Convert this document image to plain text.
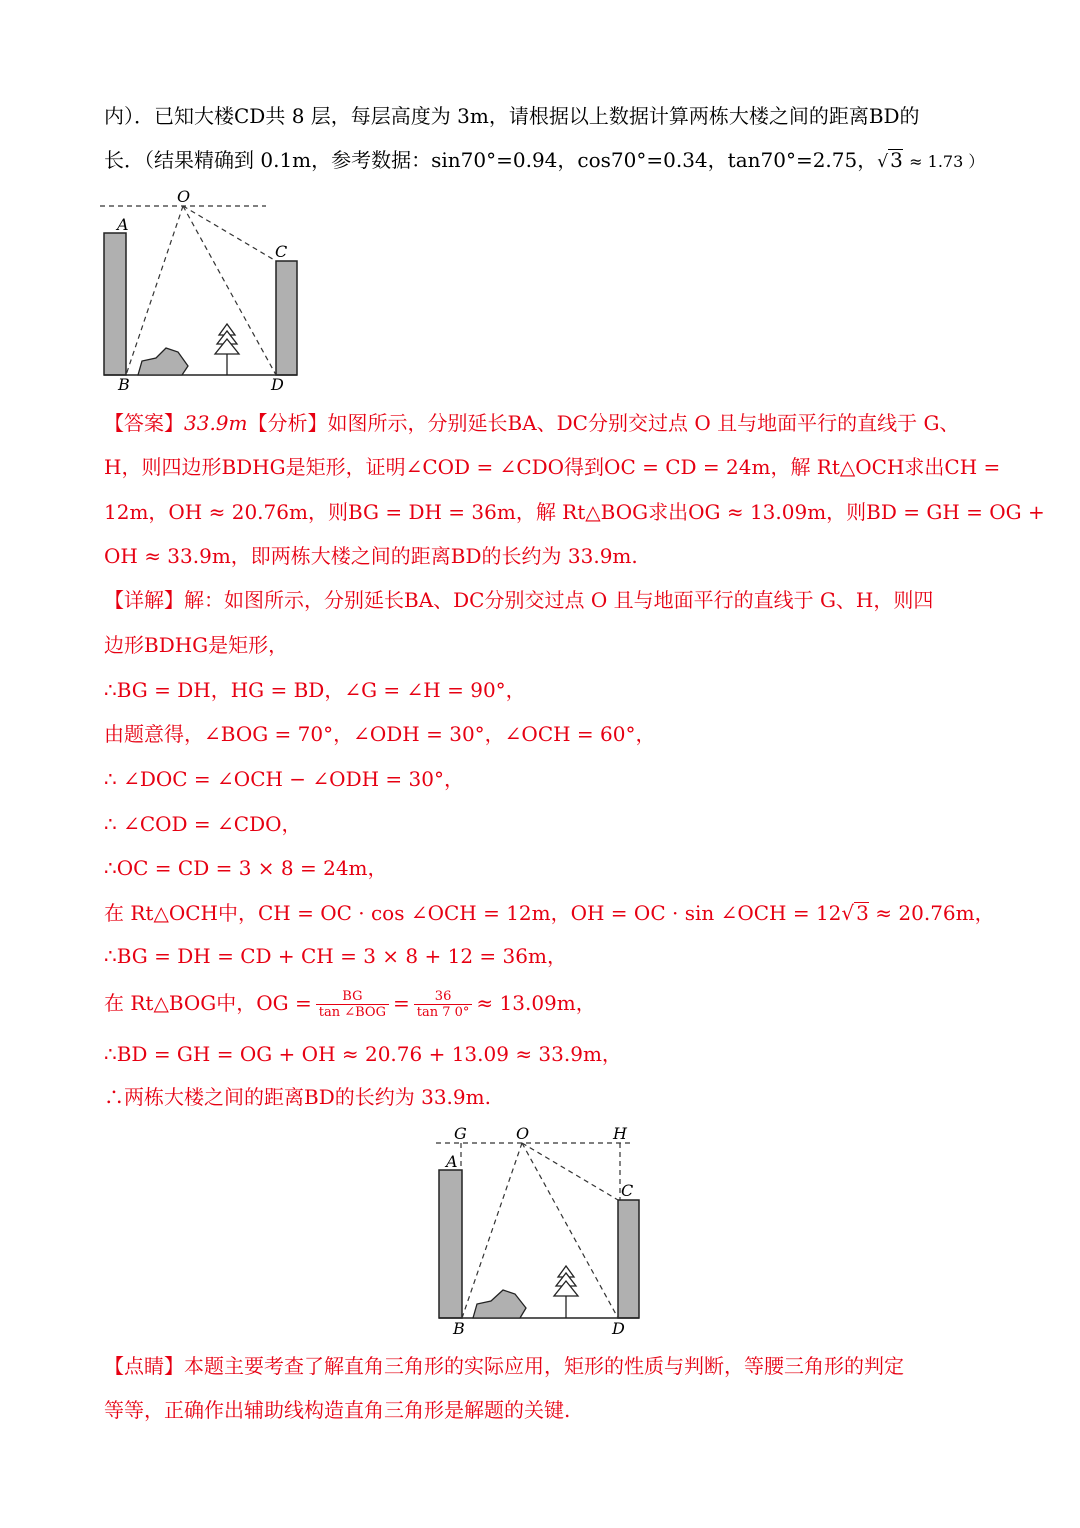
内）．已知大楼CD共 8 层，每层高度为 3m，请根据以上数据计算两栋大楼之间的距离BD的
长．（结果精确到 0.1m，参考数据：sin70°=0.94，cos70°=0.34，tan70°=2.75，√ 3 ≈ 1.73 ）
O
A
C
B	D
【答案】33.9m【分析】如图所示，分别延长BA、DC分别交过点 O 且与地面平行的直线于 G、
H，则四边形BDHG是矩形，证明∠COD = ∠CDO得到OC = CD = 24m，解 Rt△OCH求出CH =
12m，OH ≈ 20.76m，则BG = DH = 36m，解 Rt△BOG求出OG ≈ 13.09m，则BD = GH = OG +
OH ≈ 33.9m，即两栋大楼之间的距离BD的长约为 33.9m.
【详解】解：如图所示，分别延长BA、DC分别交过点 O 且与地面平行的直线于 G、H，则四
边形BDHG是矩形，
∴BG = DH，HG = BD，∠G = ∠H = 90°，
由题意得，∠BOG = 70°，∠ODH = 30°，∠OCH = 60°，
∴ ∠DOC = ∠OCH − ∠ODH = 30°，
∴ ∠COD = ∠CDO，
∴OC = CD = 3 × 8 = 24m，
在 Rt△OCH中，CH = OC · cos ∠OCH = 12m，OH = OC · sin ∠OCH = 12√ 3 ≈ 20.76m，
∴BG = DH = CD + CH = 3 × 8 + 12 = 36m，
在 Rt△BOG中，OG = $\frac{BG}{\text{tan ∠BOG}} = \frac{36}{\tan 7 0^\circ} \approx 13.09m$，
∴BD = GH = OG + OH ≈ 20.76 + 13.09 ≈ 33.9m，
∴两栋大楼之间的距离BD的长约为 33.9m.
G	O	H
A
C
B	D
【点睛】本题主要考查了解直角三角形的实际应用，矩形的性质与判断，等腰三角形的判定
等等，正确作出辅助线构造直角三角形是解题的关键.
